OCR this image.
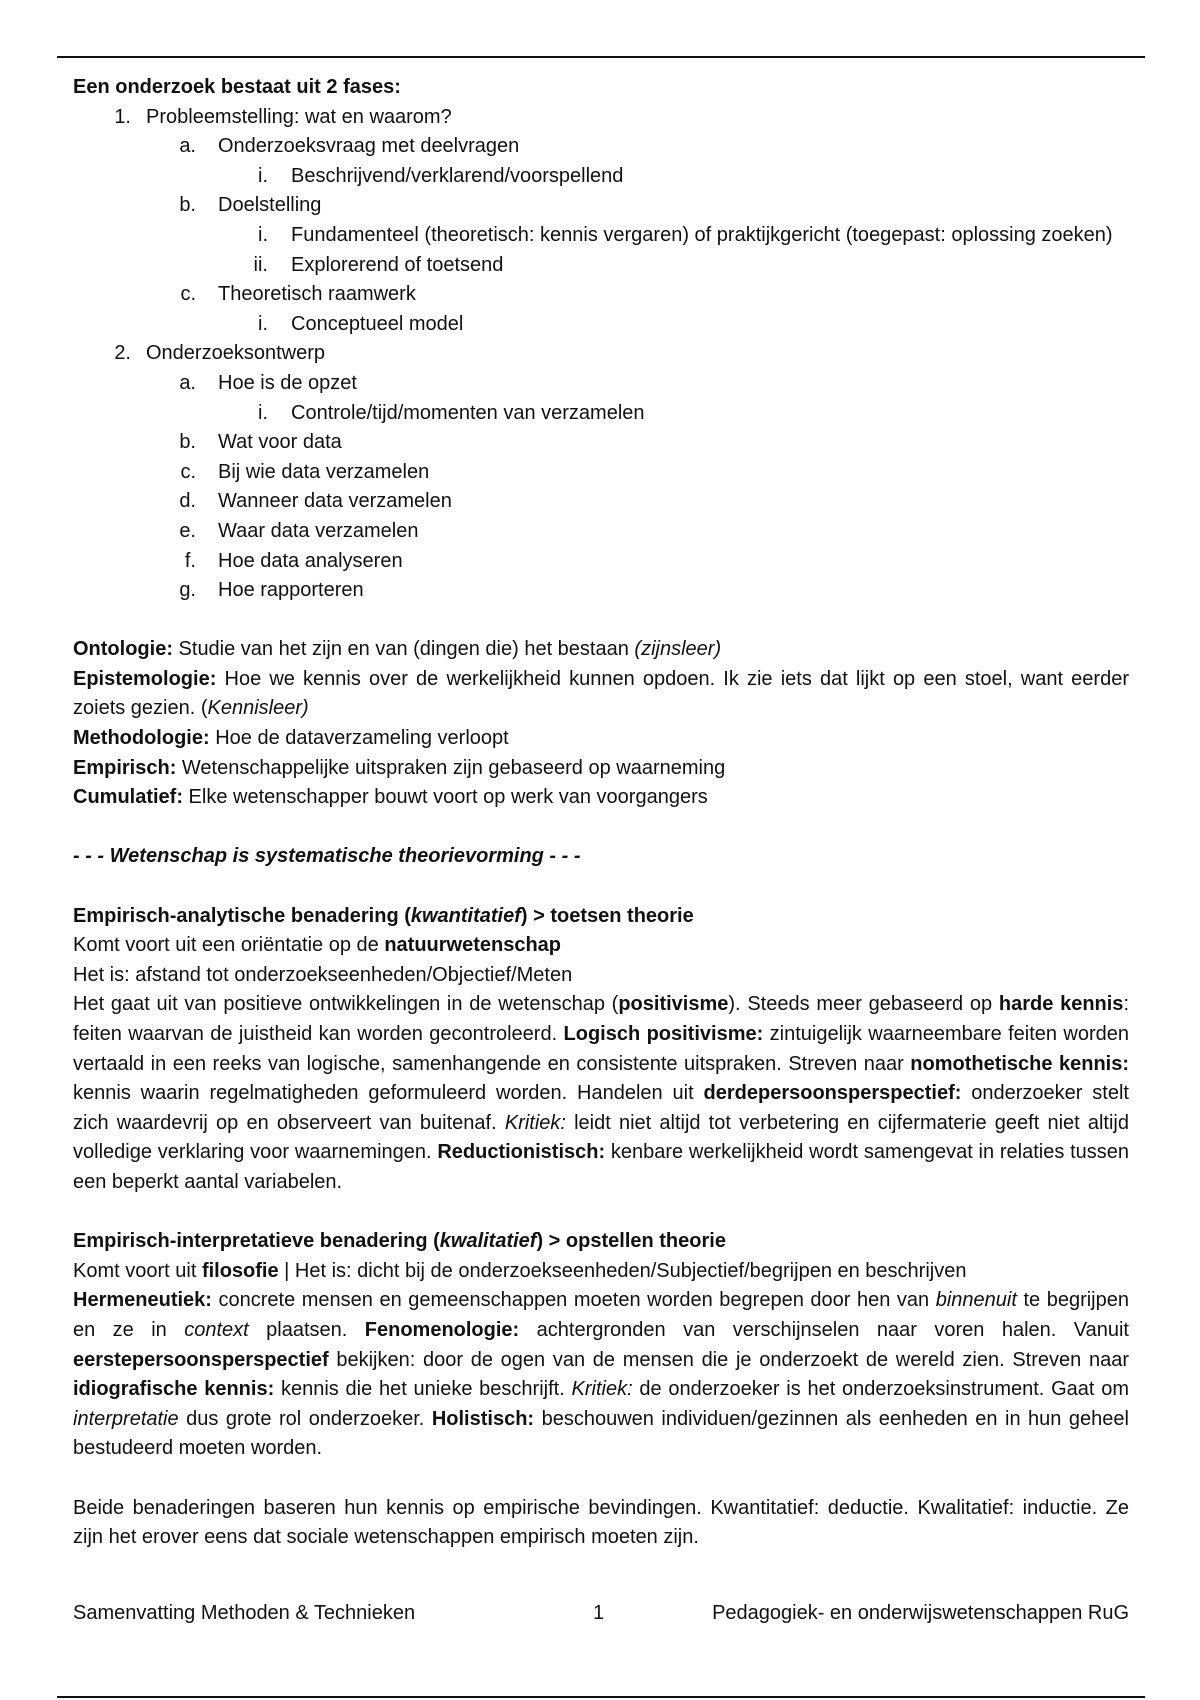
Een onderzoek bestaat uit 2 fases:
1. Probleemstelling: wat en waarom?
a. Onderzoeksvraag met deelvragen
i. Beschrijvend/verklarend/voorspellend
b. Doelstelling
i. Fundamenteel (theoretisch: kennis vergaren) of praktijkgericht (toegepast: oplossing zoeken)
ii. Explorerend of toetsend
c. Theoretisch raamwerk
i. Conceptueel model
2. Onderzoeksontwerp
a. Hoe is de opzet
i. Controle/tijd/momenten van verzamelen
b. Wat voor data
c. Bij wie data verzamelen
d. Wanneer data verzamelen
e. Waar data verzamelen
f. Hoe data analyseren
g. Hoe rapporteren
Ontologie: Studie van het zijn en van (dingen die) het bestaan (zijnsleer)
Epistemologie: Hoe we kennis over de werkelijkheid kunnen opdoen. Ik zie iets dat lijkt op een stoel, want eerder zoiets gezien. (Kennisleer)
Methodologie: Hoe de dataverzameling verloopt
Empirisch: Wetenschappelijke uitspraken zijn gebaseerd op waarneming
Cumulatief: Elke wetenschapper bouwt voort op werk van voorgangers
- - - Wetenschap is systematische theorievorming - - -
Empirisch-analytische benadering (kwantitatief) > toetsen theorie
Komt voort uit een oriëntatie op de natuurwetenschap
Het is: afstand tot onderzoekseenheden/Objectief/Meten
Het gaat uit van positieve ontwikkelingen in de wetenschap (positivisme). Steeds meer gebaseerd op harde kennis: feiten waarvan de juistheid kan worden gecontroleerd. Logisch positivisme: zintuigelijk waarneembare feiten worden vertaald in een reeks van logische, samenhangende en consistente uitspraken. Streven naar nomothetische kennis: kennis waarin regelmatigheden geformuleerd worden. Handelen uit derdepersoonsperspectief: onderzoeker stelt zich waardevrij op en observeert van buitenaf. Kritiek: leidt niet altijd tot verbetering en cijfermaterie geeft niet altijd volledige verklaring voor waarnemingen. Reductionistisch: kenbare werkelijkheid wordt samengevat in relaties tussen een beperkt aantal variabelen.
Empirisch-interpretatieve benadering (kwalitatief) > opstellen theorie
Komt voort uit filosofie | Het is: dicht bij de onderzoekseenheden/Subjectief/begrijpen en beschrijven
Hermeneutiek: concrete mensen en gemeenschappen moeten worden begrepen door hen van binnenuit te begrijpen en ze in context plaatsen. Fenomenologie: achtergronden van verschijnselen naar voren halen. Vanuit eerstepersoonsperspectief bekijken: door de ogen van de mensen die je onderzoekt de wereld zien. Streven naar idiografische kennis: kennis die het unieke beschrijft. Kritiek: de onderzoeker is het onderzoeksinstrument. Gaat om interpretatie dus grote rol onderzoeker. Holistisch: beschouwen individuen/gezinnen als eenheden en in hun geheel bestudeerd moeten worden.
Beide benaderingen baseren hun kennis op empirische bevindingen. Kwantitatief: deductie. Kwalitatief: inductie. Ze zijn het erover eens dat sociale wetenschappen empirisch moeten zijn.
Samenvatting Methoden & Technieken	1	Pedagogiek- en onderwijswetenschappen RuG
